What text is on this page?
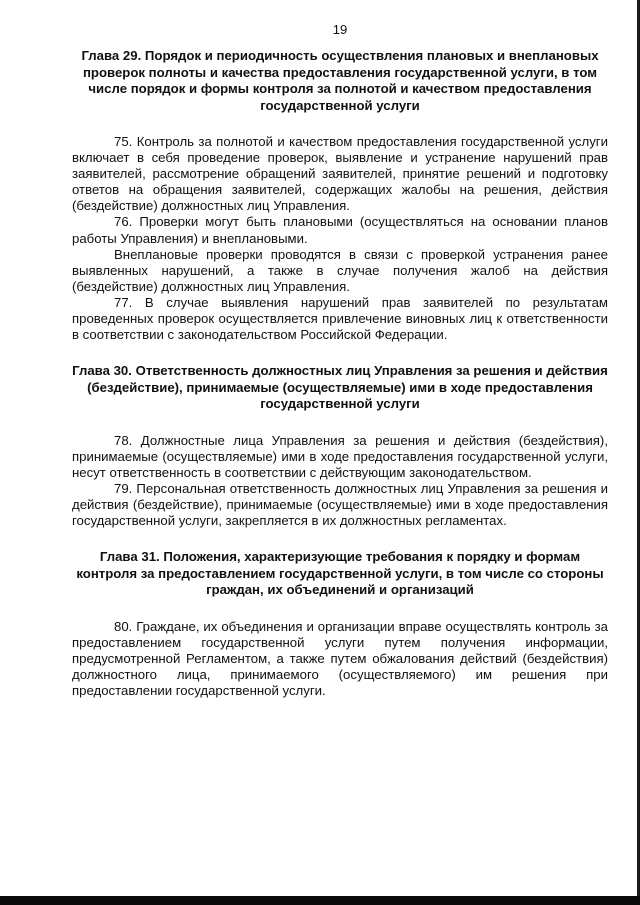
19

Глава 29. Порядок и периодичность осуществления плановых и внеплановых проверок полноты и качества предоставления государственной услуги, в том числе порядок и формы контроля за полнотой и качеством предоставления государственной услуги

75. Контроль за полнотой и качеством предоставления государственной услуги включает в себя проведение проверок, выявление и устранение нарушений прав заявителей, рассмотрение обращений заявителей, принятие решений и подготовку ответов на обращения заявителей, содержащих жалобы на решения, действия (бездействие) должностных лиц Управления.

76. Проверки могут быть плановыми (осуществляться на основании планов работы Управления) и внеплановыми.

Внеплановые проверки проводятся в связи с проверкой устранения ранее выявленных нарушений, а также в случае получения жалоб на действия (бездействие) должностных лиц Управления.

77. В случае выявления нарушений прав заявителей по результатам проведенных проверок осуществляется привлечение виновных лиц к ответственности в соответствии с законодательством Российской Федерации.

Глава 30. Ответственность должностных лиц Управления за решения и действия (бездействие), принимаемые (осуществляемые) ими в ходе предоставления государственной услуги

78. Должностные лица Управления за решения и действия (бездействия), принимаемые (осуществляемые) ими в ходе предоставления государственной услуги, несут ответственность в соответствии с действующим законодательством.

79. Персональная ответственность должностных лиц Управления за решения и действия (бездействие), принимаемые (осуществляемые) ими в ходе предоставления государственной услуги, закрепляется в их должностных регламентах.

Глава 31. Положения, характеризующие требования к порядку и формам контроля за предоставлением государственной услуги, в том числе со стороны граждан, их объединений и организаций

80. Граждане, их объединения и организации вправе осуществлять контроль за предоставлением государственной услуги путем получения информации, предусмотренной Регламентом, а также путем обжалования действий (бездействия) должностного лица, принимаемого (осуществляемого) им решения при предоставлении государственной услуги.
